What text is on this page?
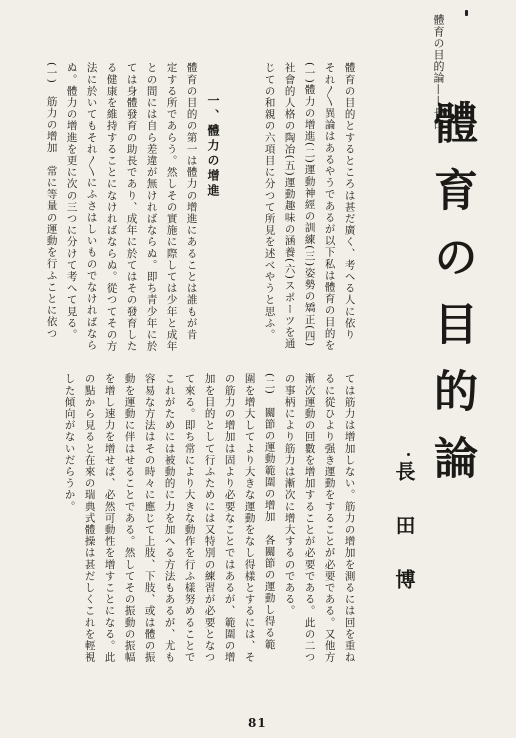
體育の目的論——長田
體育の目的論
長田博
體育の目的とするところは甚だ廣く、考へる人に依り
それ〳〵異論はあるやうであるが以下私は體育の目的を
(一)體力の增進(二)運動神經の訓練(三)姿勢の矯正(四)
社會的人格の陶冶(五)運動趣味の涵養(六)スポーツを通
じての和親の六項目に分つて所見を述べやうと思ふ。
一、體力の增進
體育の目的の第一は體力の增進にあることは誰もが肯
定する所であらう。然しその實施に際しては少年と成年
との間には自ら差違が無ければならぬ。即ち青少年に於
ては身體發育の助長であり、成年に於てはその發育した
る健康を維持することになければならぬ。從つてその方
法に於いてもそれ〳〵にふさはしいものでなければなら
ぬ。體力の增進を更に次の三つに分けて考へて見る。
(一)　筋力の增加　常に等量の運動を行ふことに依つ
ては筋力は增加しない。筋力の增加を測るには回を重ね
るに從ひより强き運動をすることが必要である。又他方
漸次運動の回數を增加することが必要である。此の二つ
の事柄により筋力は漸次に增大するのである。
(二)　關節の運動範圍の增加　各關節の運動し得る範
圍を增大してより大きな運動をなし得樣とするには、そ
の筋力の增加は固より必要なことではあるが、範圍の增
加を目的として行ふためには又特別の練習が必要となつ
て來る。即ち常により大きな動作を行ふ樣努めることで
これがためには被動的に力を加へる方法もあるが、尤も
容易な方法はその時々に應じて上肢、下肢、或は體の振
動を運動に伴はせることである。然してその振動の振幅
を增し速力を增せば、必然可動性を增すことになる。此
の點から見ると在來の瑞典式體操は甚だしくこれを輕視
した傾向がないだらうか。
81
